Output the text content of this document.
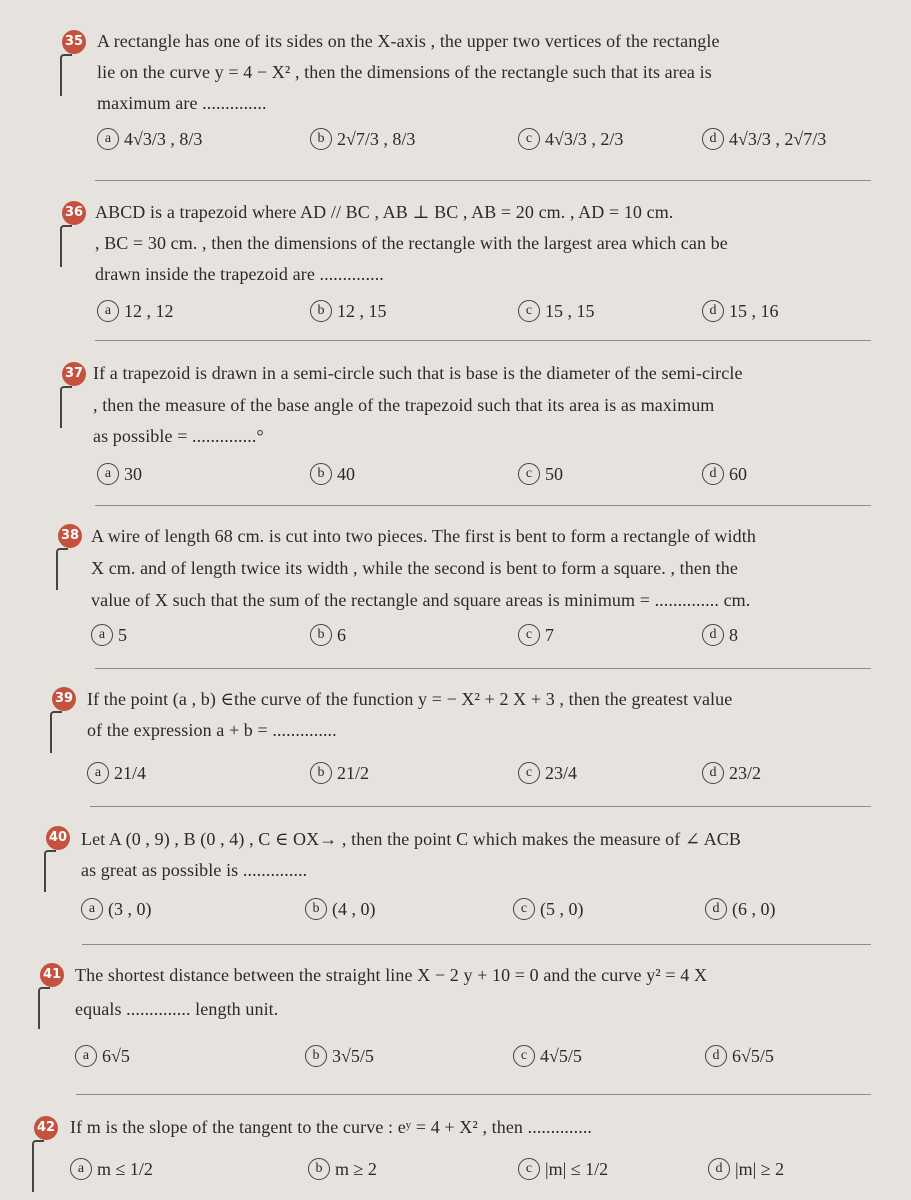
35 A rectangle has one of its sides on the X-axis , the upper two vertices of the rectangle
lie on the curve y = 4 − X² , then the dimensions of the rectangle such that its area is
maximum are ..............
a 4√3/3 , 8/3	b 2√7/3 , 8/3	c 4√3/3 , 2/3	d 4√3/3 , 2√7/3
36 ABCD is a trapezoid where AD // BC , AB ⊥ BC , AB = 20 cm. , AD = 10 cm.
, BC = 30 cm. , then the dimensions of the rectangle with the largest area which can be
drawn inside the trapezoid are ..............
a 12 , 12	b 12 , 15	c 15 , 15	d 15 , 16
37 If a trapezoid is drawn in a semi-circle such that is base is the diameter of the semi-circle
, then the measure of the base angle of the trapezoid such that its area is as maximum
as possible = ..............°
a 30	b 40	c 50	d 60
38 A wire of length 68 cm. is cut into two pieces. The first is bent to form a rectangle of width
X cm. and of length twice its width , while the second is bent to form a square. , then the
value of X such that the sum of the rectangle and square areas is minimum = .............. cm.
a 5	b 6	c 7	d 8
39 If the point (a , b) ∈the curve of the function y = − X² + 2 X + 3 , then the greatest value
of the expression a + b = ..............
a 21/4	b 21/2	c 23/4	d 23/2
40 Let A (0 , 9) , B (0 , 4) , C ∈ OX→ , then the point C which makes the measure of ∠ ACB
as great as possible is ..............
a (3 , 0)	b (4 , 0)	c (5 , 0)	d (6 , 0)
41 The shortest distance between the straight line X − 2 y + 10 = 0 and the curve y² = 4 X
equals .............. length unit.
a 6√5	b 3√5/5	c 4√5/5	d 6√5/5
42 If m is the slope of the tangent to the curve : eʸ = 4 + X² , then ..............
a m ≤ 1/2	b m ≥ 2	c |m| ≤ 1/2	d |m| ≥ 2
